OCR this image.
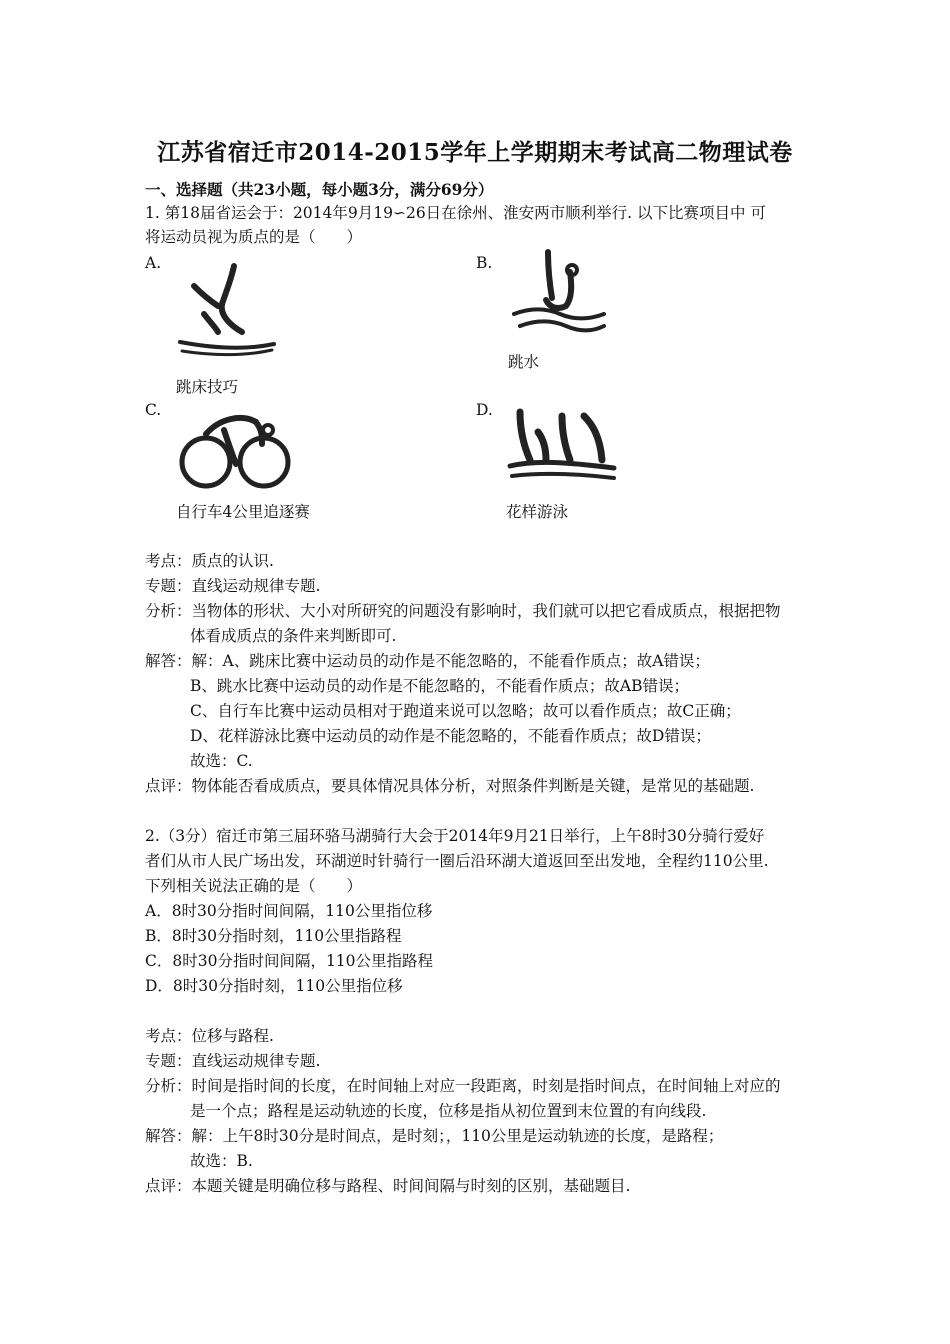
江苏省宿迁市2014-2015学年上学期期末考试高二物理试卷
一、选择题（共23小题，每小题3分，满分69分）
1. 第18届省运会于：2014年9月19∽26日在徐州、淮安两市顺利举行. 以下比赛项目中 可
将运动员视为质点的是（　　）
A.	B.
跳床技巧
跳水
C.	D.
自行车4公里追逐赛	花样游泳
考点：质点的认识.
专题：直线运动规律专题.
分析：当物体的形状、大小对所研究的问题没有影响时，我们就可以把它看成质点，根据把物
体看成质点的条件来判断即可.
解答：解：A、跳床比赛中运动员的动作是不能忽略的，不能看作质点；故A错误；
B、跳水比赛中运动员的动作是不能忽略的，不能看作质点；故AB错误；
C、自行车比赛中运动员相对于跑道来说可以忽略；故可以看作质点；故C正确；
D、花样游泳比赛中运动员的动作是不能忽略的，不能看作质点；故D错误；
故选：C.
点评：物体能否看成质点，要具体情况具体分析，对照条件判断是关键，是常见的基础题.
2.（3分）宿迁市第三届环骆马湖骑行大会于2014年9月21日举行，上午8时30分骑行爱好
者们从市人民广场出发，环湖逆时针骑行一圈后沿环湖大道返回至出发地，全程约110公里.
下列相关说法正确的是（　　）
A．8时30分指时间间隔，110公里指位移
B．8时30分指时刻，110公里指路程
C．8时30分指时间间隔，110公里指路程
D．8时30分指时刻，110公里指位移
考点：位移与路程.
专题：直线运动规律专题.
分析：时间是指时间的长度，在时间轴上对应一段距离，时刻是指时间点，在时间轴上对应的
是一个点；路程是运动轨迹的长度，位移是指从初位置到末位置的有向线段.
解答：解：上午8时30分是时间点，是时刻；，110公里是运动轨迹的长度，是路程；
故选：B.
点评：本题关键是明确位移与路程、时间间隔与时刻的区别，基础题目.
